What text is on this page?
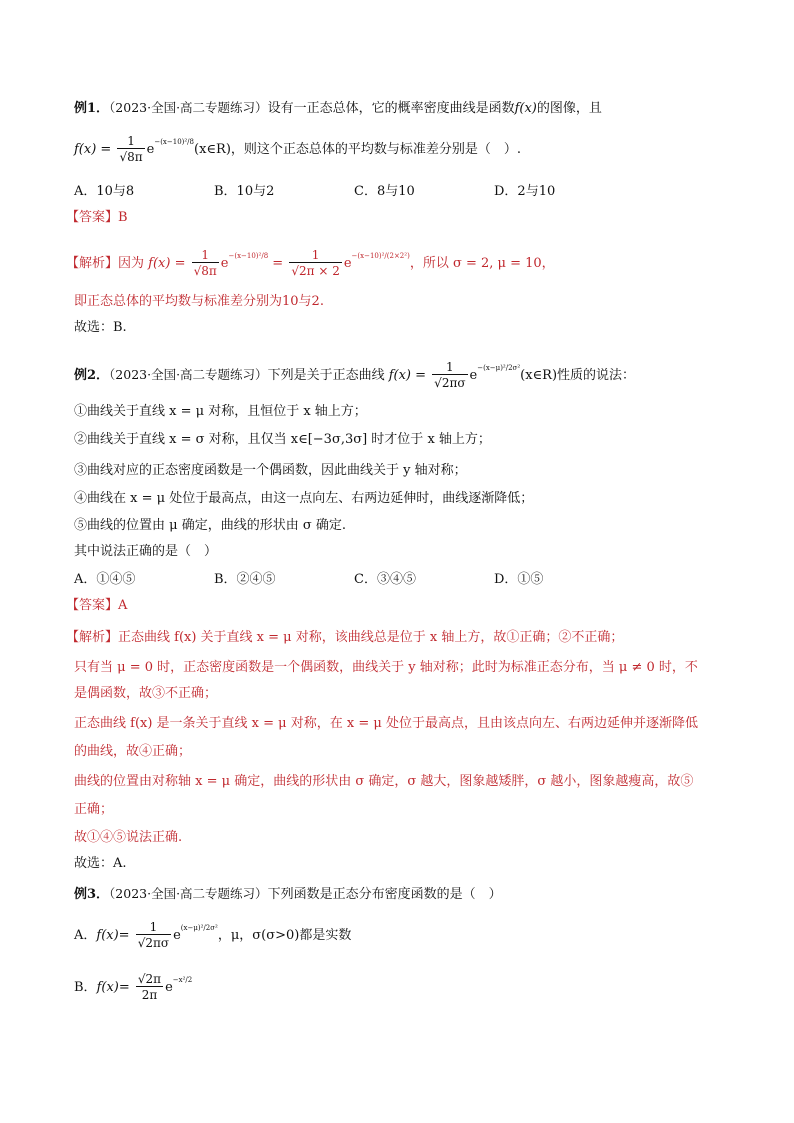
例1．（2023·全国·高二专题练习）设有一正态总体，它的概率密度曲线是函数f(x)的图像，且
$f(x) = \frac{1}{√8\pi}$ $e^{-(x-10)^2/8}(x\in R)$，则这个正态总体的平均数与标准差分别是（　）.
A．10与8	B．10与2	C．8与10	D．2与10
【答案】B
【解析】因为 $f(x) = \frac{1}{√8\pi} e^{-(x-10)^2/8} = \frac{1}{√2\pi \times 2} e^{-(x-10)^2/(2\times 2^2)}$，所以 σ = 2, μ = 10，
即正态总体的平均数与标准差分别为10与2.
故选：B.
例2．（2023·全国·高二专题练习）下列是关于正态曲线 $f(x) = \frac{1}{√2\pi\sigma}$ $e^{-(x-\mu)^2/2\sigma^2}(x\in R)$性质的说法：
①曲线关于直线 x = μ 对称，且恒位于 x 轴上方；
②曲线关于直线 x = σ 对称，且仅当 x∈[−3σ,3σ] 时才位于 x 轴上方；
③曲线对应的正态密度函数是一个偶函数，因此曲线关于 y 轴对称；
④曲线在 x = μ 处位于最高点，由这一点向左、右两边延伸时，曲线逐渐降低；
⑤曲线的位置由 μ 确定，曲线的形状由 σ 确定.
其中说法正确的是（　）
A．①④⑤	B．②④⑤	C．③④⑤	D．①⑤
【答案】A
【解析】正态曲线 f(x) 关于直线 x = μ 对称，该曲线总是位于 x 轴上方，故①正确；②不正确；
只有当 μ = 0 时，正态密度函数是一个偶函数，曲线关于 y 轴对称；此时为标准正态分布，当 μ ≠ 0 时，不
是偶函数，故③不正确；
正态曲线 f(x) 是一条关于直线 x = μ 对称，在 x = μ 处位于最高点，且由该点向左、右两边延伸并逐渐降低
的曲线，故④正确；
曲线的位置由对称轴 x = μ 确定，曲线的形状由 σ 确定，σ 越大，图象越矮胖，σ 越小，图象越瘦高，故⑤
正确；
故①④⑤说法正确.
故选：A.
例3．（2023·全国·高二专题练习）下列函数是正态分布密度函数的是（　）
A．$f(x)= \frac{1}{√2\pi\sigma} e^{(x-\mu)^2/2\sigma^2}$，μ，σ(σ>0)都是实数
B．$f(x)= \frac{√2\pi}{2\pi} e^{-x^2/2}$
